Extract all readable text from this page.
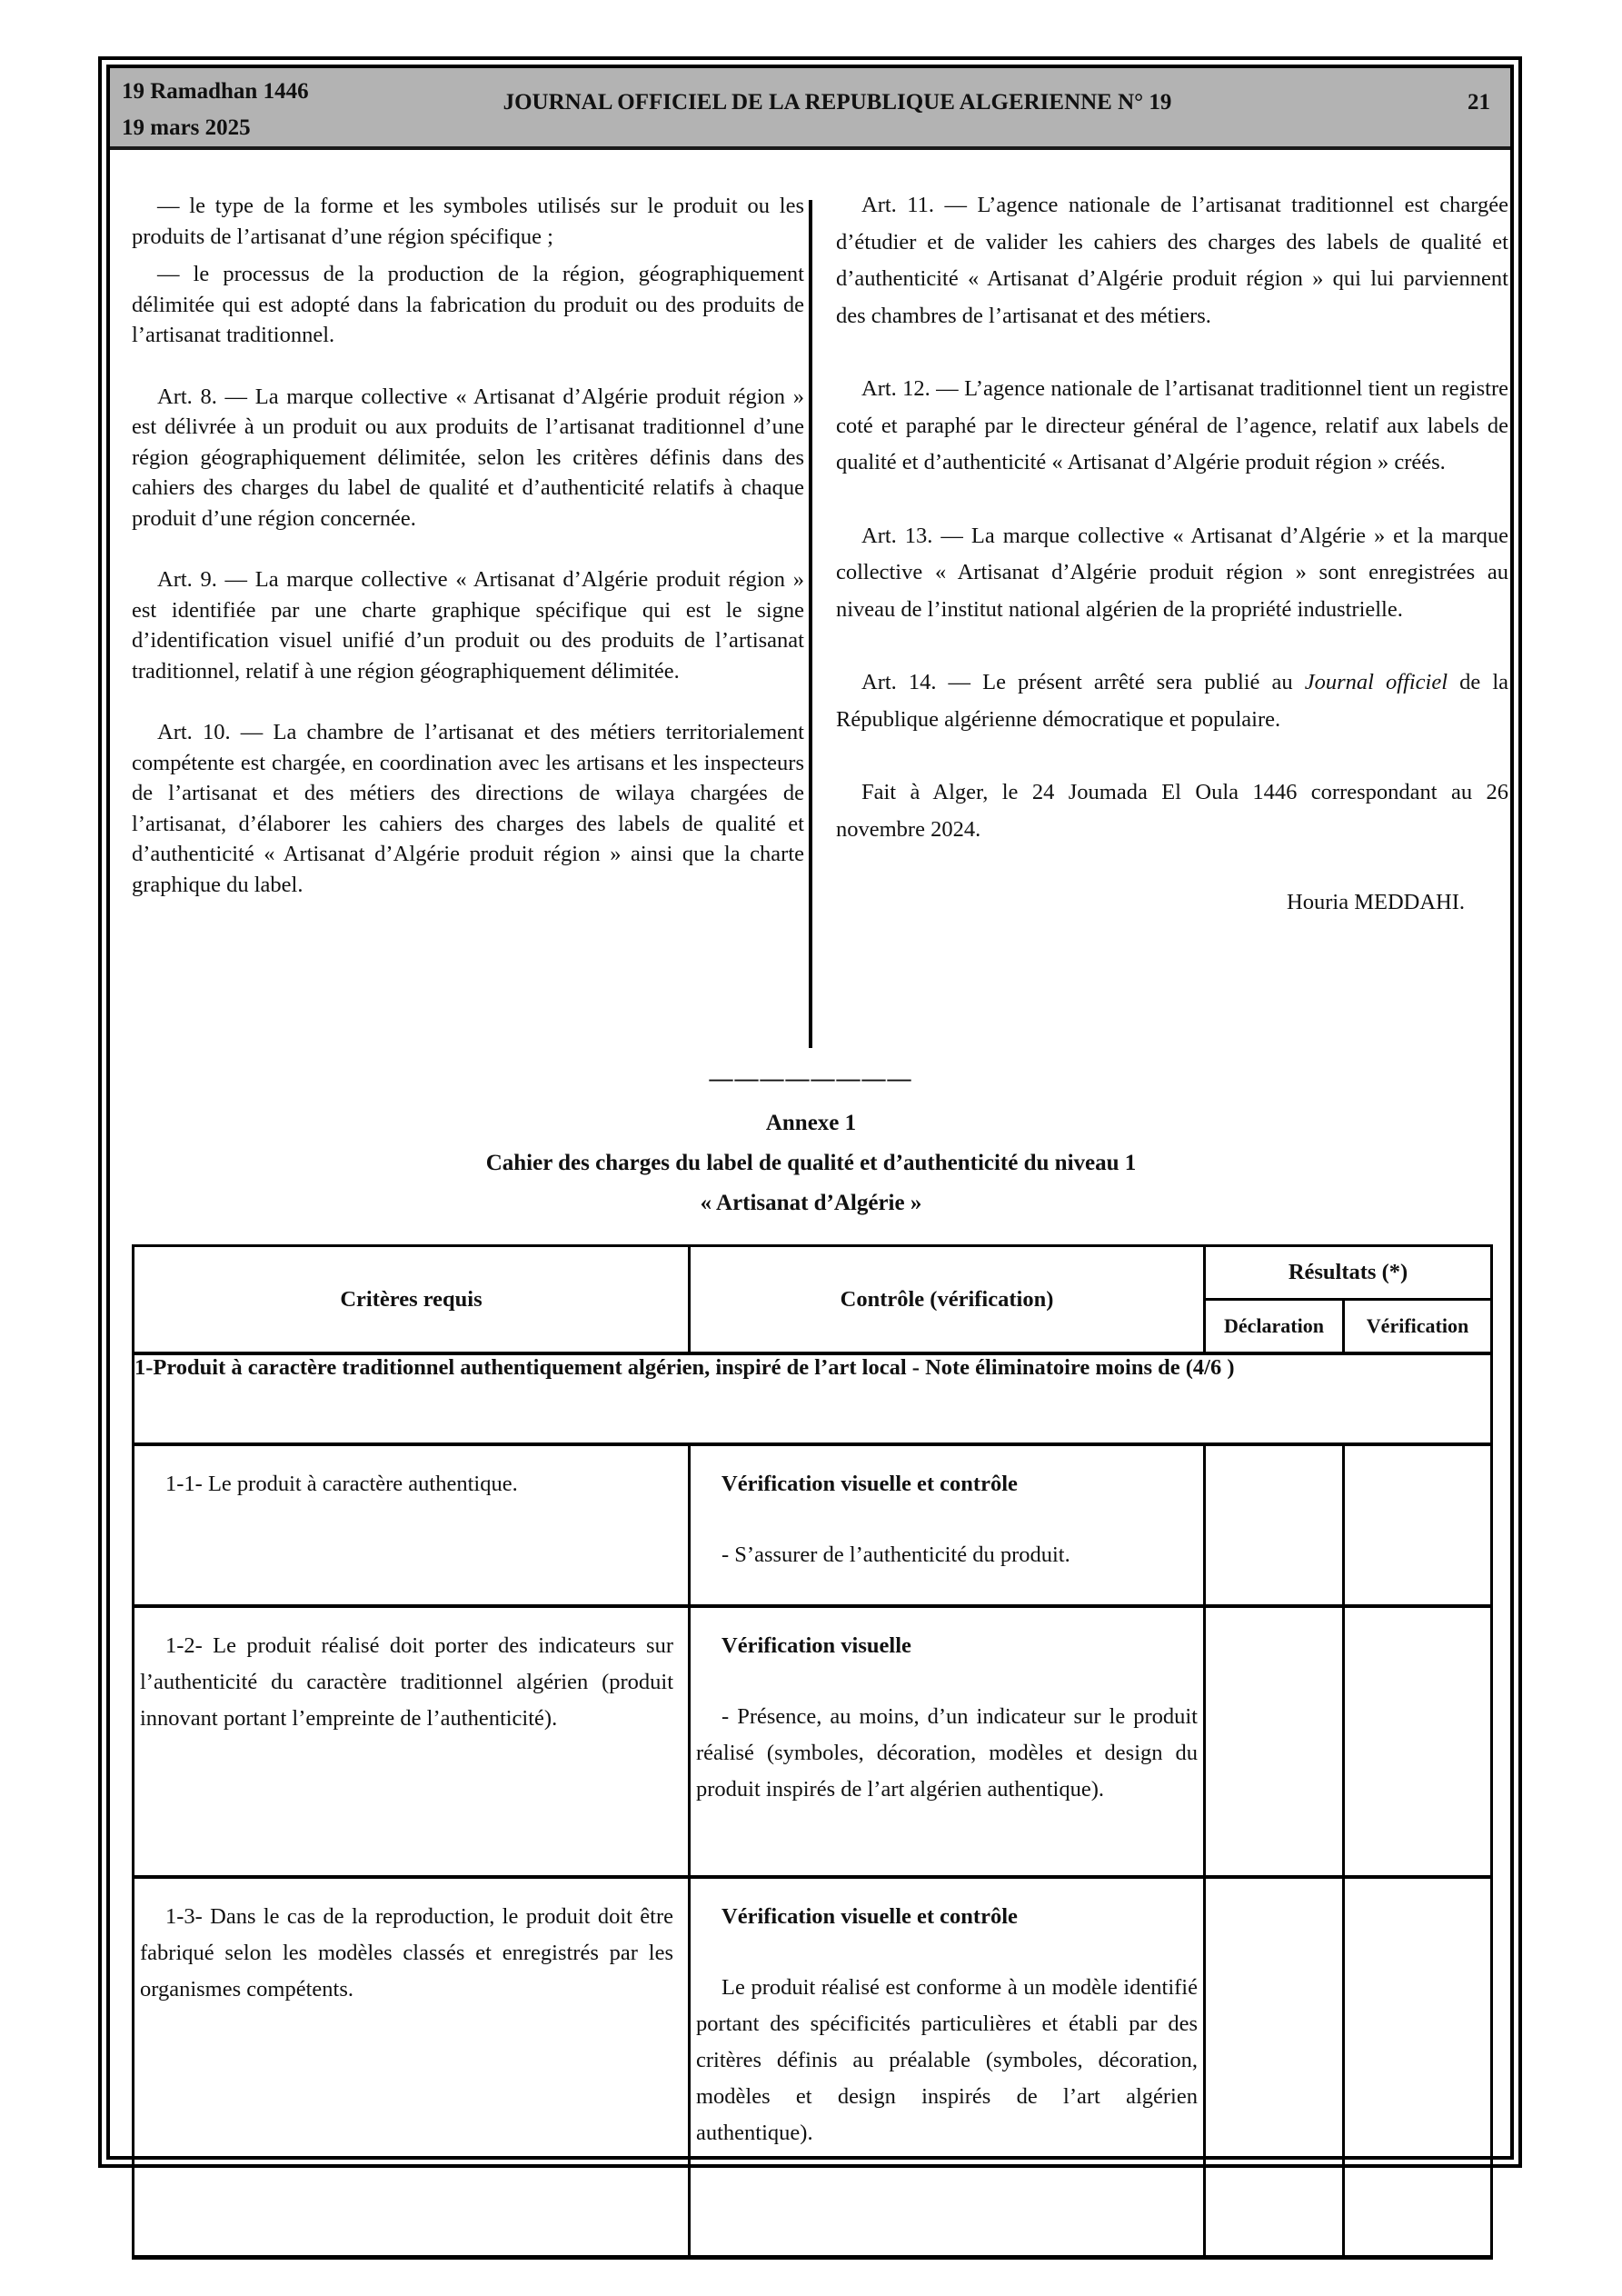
19 Ramadhan 1446
19 mars 2025
JOURNAL OFFICIEL DE LA REPUBLIQUE ALGERIENNE N° 19	21

— le type de la forme et les symboles utilisés sur le produit ou les produits de l’artisanat d’une région spécifique ;

— le processus de la production de la région, géographiquement délimitée qui est adopté dans la fabrication du produit ou des produits de l’artisanat traditionnel.

Art. 8. — La marque collective « Artisanat d’Algérie produit région » est délivrée à un produit ou aux produits de l’artisanat traditionnel d’une région géographiquement délimitée, selon les critères définis dans des cahiers des charges du label de qualité et d’authenticité relatifs à chaque produit d’une région concernée.

Art. 9. — La marque collective « Artisanat d’Algérie produit région » est identifiée par une charte graphique spécifique qui est le signe d’identification visuel unifié d’un produit ou des produits de l’artisanat traditionnel, relatif à une région géographiquement délimitée.

Art. 10. — La chambre de l’artisanat et des métiers territorialement compétente est chargée, en coordination avec les artisans et les inspecteurs de l’artisanat et des métiers des directions de wilaya chargées de l’artisanat, d’élaborer les cahiers des charges des labels de qualité et d’authenticité « Artisanat d’Algérie produit région » ainsi que la charte graphique du label.

Art. 11. — L’agence nationale de l’artisanat traditionnel est chargée d’étudier et de valider les cahiers des charges des labels de qualité et d’authenticité « Artisanat d’Algérie produit région » qui lui parviennent des chambres de l’artisanat et des métiers.

Art. 12. — L’agence nationale de l’artisanat traditionnel tient un registre coté et paraphé par le directeur général de l’agence, relatif aux labels de qualité et d’authenticité « Artisanat d’Algérie produit région » créés.

Art. 13. — La marque collective « Artisanat d’Algérie » et la marque collective « Artisanat d’Algérie produit région » sont enregistrées au niveau de l’institut national algérien de la propriété industrielle.

Art. 14. — Le présent arrêté sera publié au Journal officiel de la République algérienne démocratique et populaire.

Fait à Alger, le 24 Joumada El Oula 1446 correspondant au 26 novembre 2024.

Houria MEDDAHI.

————————
Annexe 1
Cahier des charges du label de qualité et d’authenticité du niveau 1
« Artisanat d’Algérie »
Critères requis	Contrôle (vérification)	Résultats (*)	
		Déclaration	Vérification
1-Produit à caractère traditionnel authentiquement algérien, inspiré de l’art local - Note éliminatoire moins de (4/6 )			
1-1- Le produit à caractère authentique.	Vérification visuelle et contrôle
- S’assurer de l’authenticité du produit.		

1-2- Le produit réalisé doit porter des indicateurs sur l’authenticité du caractère traditionnel algérien (produit innovant portant l’empreinte de l’authenticité).	Vérification visuelle
- Présence, au moins, d’un indicateur sur le produit réalisé (symboles, décoration, modèles et design du produit inspirés de l’art algérien authentique).		

1-3- Dans le cas de la reproduction, le produit doit être fabriqué selon les modèles classés et enregistrés par les organismes compétents.	Vérification visuelle et contrôle
Le produit réalisé est conforme à un modèle identifié portant des spécificités particulières et établi par des critères définis au préalable (symboles, décoration, modèles et design inspirés de l’art algérien authentique).		
